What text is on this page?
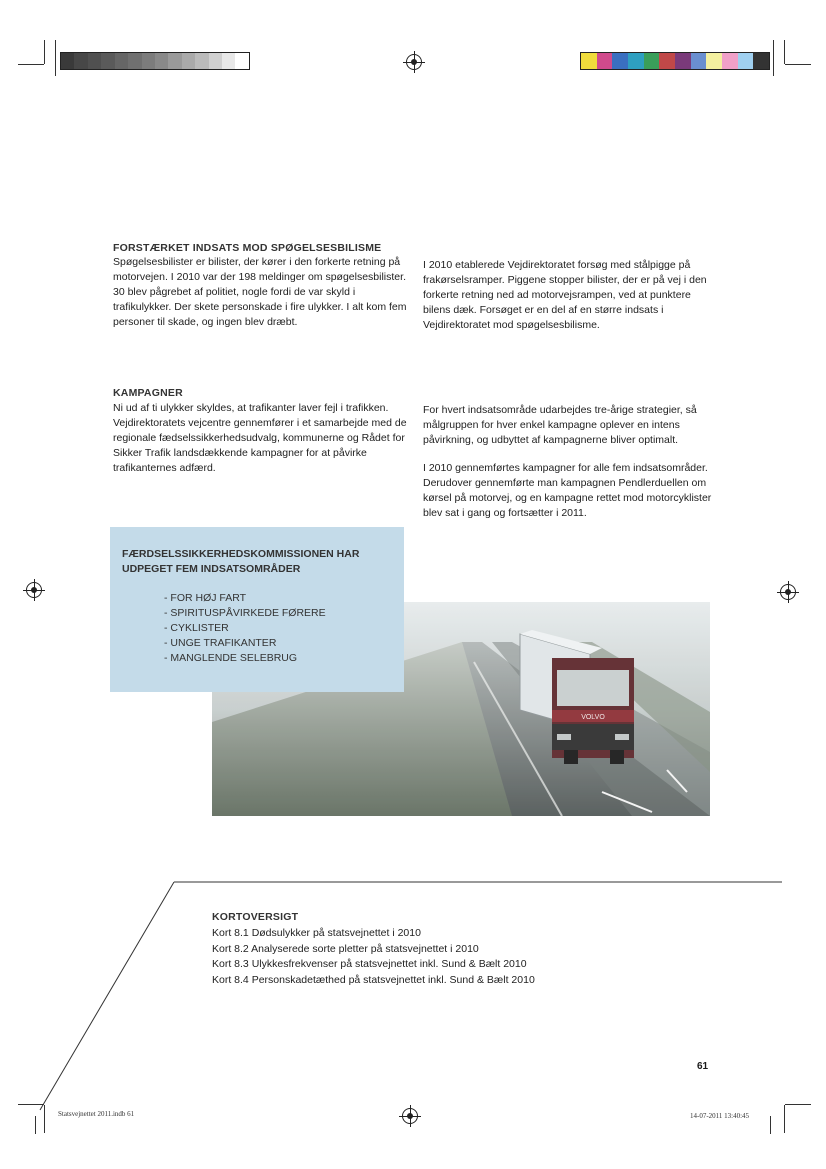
FORSTÆRKET INDSATS MOD SPØGELSESBILISME

Spøgelsesbilister er bilister, der kører i den forkerte retning på motorvejen. I 2010 var der 198 meldinger om spøgelsesbilister. 30 blev pågrebet af politiet, nogle fordi de var skyld i trafikulykker. Der skete personskade i fire ulykker. I alt kom fem personer til skade, og ingen blev dræbt.

I 2010 etablerede Vejdirektoratet forsøg med stålpigge på frakørselsramper. Piggene stopper bilister, der er på vej i den forkerte retning ned ad motorvejsrampen, ved at punktere bilens dæk. Forsøget er en del af en større indsats i Vejdirektoratet mod spøgelsesbilisme.

KAMPAGNER

Ni ud af ti ulykker skyldes, at trafikanter laver fejl i trafikken. Vejdirektoratets vejcentre gennemfører i et samarbejde med de regionale fædselssikkerhedsudvalg, kommunerne og Rådet for Sikker Trafik landsdækkende kampagner for at påvirke trafikanternes adfærd.

For hvert indsatsområde udarbejdes tre-årige strategier, så målgruppen for hver enkel kampagne oplever en intens påvirkning, og udbyttet af kampagnerne bliver optimalt.

I 2010 gennemførtes kampagner for alle fem indsatsområder. Derudover gennemførte man kampagnen Pendlerduellen om kørsel på motorvej, og en kampagne rettet mod motorcyklister blev sat i gang og fortsætter i 2011.

VOLVO
FÆRDSELSSIKKERHEDSKOMMISSIONEN HAR UDPEGET FEM INDSATSOMRÅDER
- FOR HØJ FART
- SPIRITUSPÅVIRKEDE FØRERE
- CYKLISTER
- UNGE TRAFIKANTER
- MANGLENDE SELEBRUG
KORTOVERSIGT
Kort 8.1 Dødsulykker på statsvejnettet i 2010
Kort 8.2 Analyserede sorte pletter på statsvejnettet i 2010
Kort 8.3 Ulykkesfrekvenser på statsvejnettet inkl. Sund & Bælt 2010
Kort 8.4 Personskadetæthed på statsvejnettet inkl. Sund & Bælt 2010
61
Statsvejnettet 2011.indb 61	14-07-2011 13:40:45
